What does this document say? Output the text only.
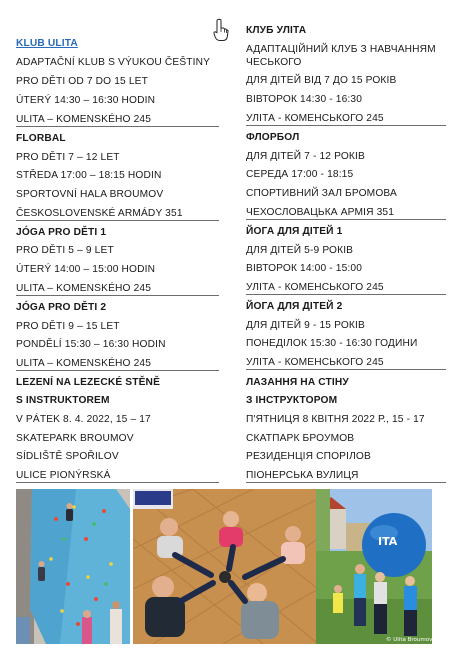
KLUB ULITA
ADAPTAČNÍ KLUB S VÝUKOU ČEŠTINY
PRO DĚTI OD 7 DO 15 LET
ÚTERÝ 14:30 – 16:30 HODIN
ULITA – KOMENSKÉHO 245
FLORBAL
PRO DĚTI 7 – 12 LET
STŘEDA 17:00 – 18:15 HODIN
SPORTOVNÍ HALA BROUMOV
ČESKOSLOVENSKÉ ARMÁDY 351
JÓGA PRO DĚTI 1
PRO DĚTI 5 – 9 LET
ÚTERÝ 14:00 – 15:00 HODIN
ULITA – KOMENSKÉHO 245
JÓGA PRO DĚTI 2
PRO DĚTI 9 – 15 LET
PONDĚLÍ 15:30 – 16:30 HODIN
ULITA – KOMENSKÉHO 245
LEZENÍ NA LEZECKÉ STĚNĚ
S INSTRUKTOREM
V PÁTEK 8. 4. 2022, 15 – 17
SKATEPARK BROUMOV
SÍDLIŠTĚ SPOŘILOV
ULICE PIONÝRSKÁ
КЛУБ УЛІТА
АДАПТАЦІЙНИЙ КЛУБ З НАВЧАННЯМ ЧЕСЬКОГО
ДЛЯ ДІТЕЙ ВІД 7 ДО 15 РОКІВ
ВІВТОРОК 14:30 - 16:30
УЛІТА - КОМЕНСЬКОГО 245
ФЛОРБОЛ
ДЛЯ ДІТЕЙ 7 - 12 РОКІВ
СЕРЕДА 17:00 - 18:15
СПОРТИВНИЙ ЗАЛ БРОМОВА
ЧЕХОСЛОВАЦЬКА АРМІЯ 351
ЙОГА ДЛЯ ДІТЕЙ 1
ДЛЯ ДІТЕЙ 5-9 РОКІВ
ВІВТОРОК 14:00 - 15:00
УЛІТА - КОМЕНСЬКОГО 245
ЙОГА ДЛЯ ДІТЕЙ 2
ДЛЯ ДІТЕЙ 9 - 15 РОКІВ
ПОНЕДІЛОК 15:30 - 16:30 ГОДИНИ
УЛІТА - КОМЕНСЬКОГО 245
ЛАЗАННЯ НА СТІНУ
З ІНСТРУКТОРОМ
П'ЯТНИЦЯ 8 КВІТНЯ 2022 Р., 15 - 17
СКАТПАРК БРОУМОВ
РЕЗИДЕНЦІЯ СПОРІЛОВ
ПІОНЕРСЬКА ВУЛИЦЯ
ITA
© Ulita Broumov
